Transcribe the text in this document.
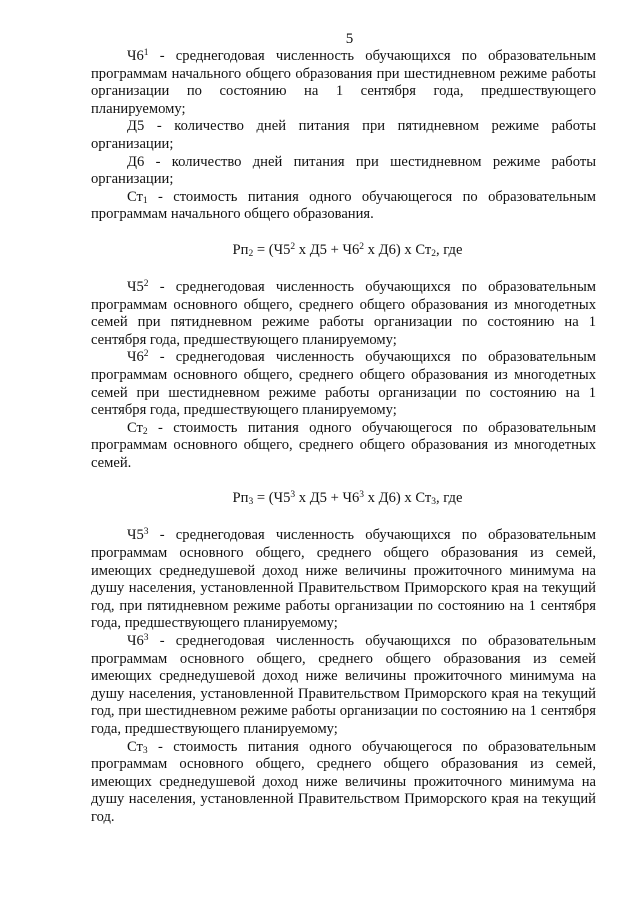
5

$Ч6^1$ - среднегодовая численность обучающихся по образовательным программам начального общего образования при шестидневном режиме работы организации по состоянию на 1 сентября года, предшествующего планируемому;

Д5 - количество дней питания при пятидневном режиме работы организации;

Д6 - количество дней питания при шестидневном режиме работы организации;

$Ст_1$ - стоимость питания одного обучающегося по образовательным программам начального общего образования.

$Рп_2 = (Ч5^2$ х $Д5 + Ч6^2$ х Д6) х $Ст_2$, где

$Ч5^2$ - среднегодовая численность обучающихся по образовательным программам основного общего, среднего общего образования из многодетных семей при пятидневном режиме работы организации по состоянию на 1 сентября года, предшествующего планируемому;

$Ч6^2$ - среднегодовая численность обучающихся по образовательным программам основного общего, среднего общего образования из многодетных семей при шестидневном режиме работы организации по состоянию на 1 сентября года, предшествующего планируемому;

$Ст_2$ - стоимость питания одного обучающегося по образовательным программам основного общего, среднего общего образования из многодетных семей.

$Рп_3 = (Ч5^3$ х $Д5 + Ч6^3$ х Д6) х $Ст_3$, где

$Ч5^3$ - среднегодовая численность обучающихся по образовательным программам основного общего, среднего общего образования из семей, имеющих среднедушевой доход ниже величины прожиточного минимума на душу населения, установленной Правительством Приморского края на текущий год, при пятидневном режиме работы организации по состоянию на 1 сентября года, предшествующего планируемому;

$Ч6^3$ - среднегодовая численность обучающихся по образовательным программам основного общего, среднего общего образования из семей имеющих среднедушевой доход ниже величины прожиточного минимума на душу населения, установленной Правительством Приморского края на текущий год, при шестидневном режиме работы организации по состоянию на 1 сентября года, предшествующего планируемому;

$Ст_3$ - стоимость питания одного обучающегося по образовательным программам основного общего, среднего общего образования из семей, имеющих среднедушевой доход ниже величины прожиточного минимума на душу населения, установленной Правительством Приморского края на текущий год.
